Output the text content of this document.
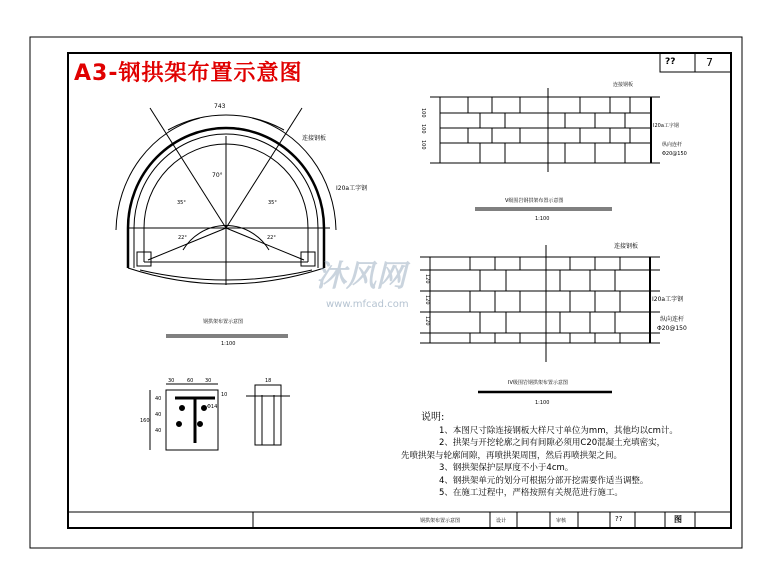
A3-钢拱架布置示意图	??	7
743
70°
35°	35°
22°	22°
连接钢板
I20a工字钢
钢拱架布置示意图
1:100
连接钢板
I20a工字钢
纵向连杆
Φ20@150
100
100
100
V级围岩钢拱架布置示意图
1:100
连接钢板
I20a工字钢
纵向连杆
Φ20@150
120
120
120
IV级围岩钢拱架布置示意图
1:100
30	60 30
40
40
40
160
18
Φ14
10
说明:
1、本图尺寸除连接钢板大样尺寸单位为mm，其他均以cm计。
2、拱架与开挖轮廓之间有间隙必须用C20混凝土充填密实，
先喷拱架与轮廓间隙，再喷拱架周围，然后再喷拱架之间。
3、钢拱架保护层厚度不小于4cm。
4、钢拱架单元的划分可根据分部开挖需要作适当调整。
5、在施工过程中，严格按照有关规范进行施工。
钢拱架布置示意图	设计	审核	??	图
沐风网
www.mfcad.com
